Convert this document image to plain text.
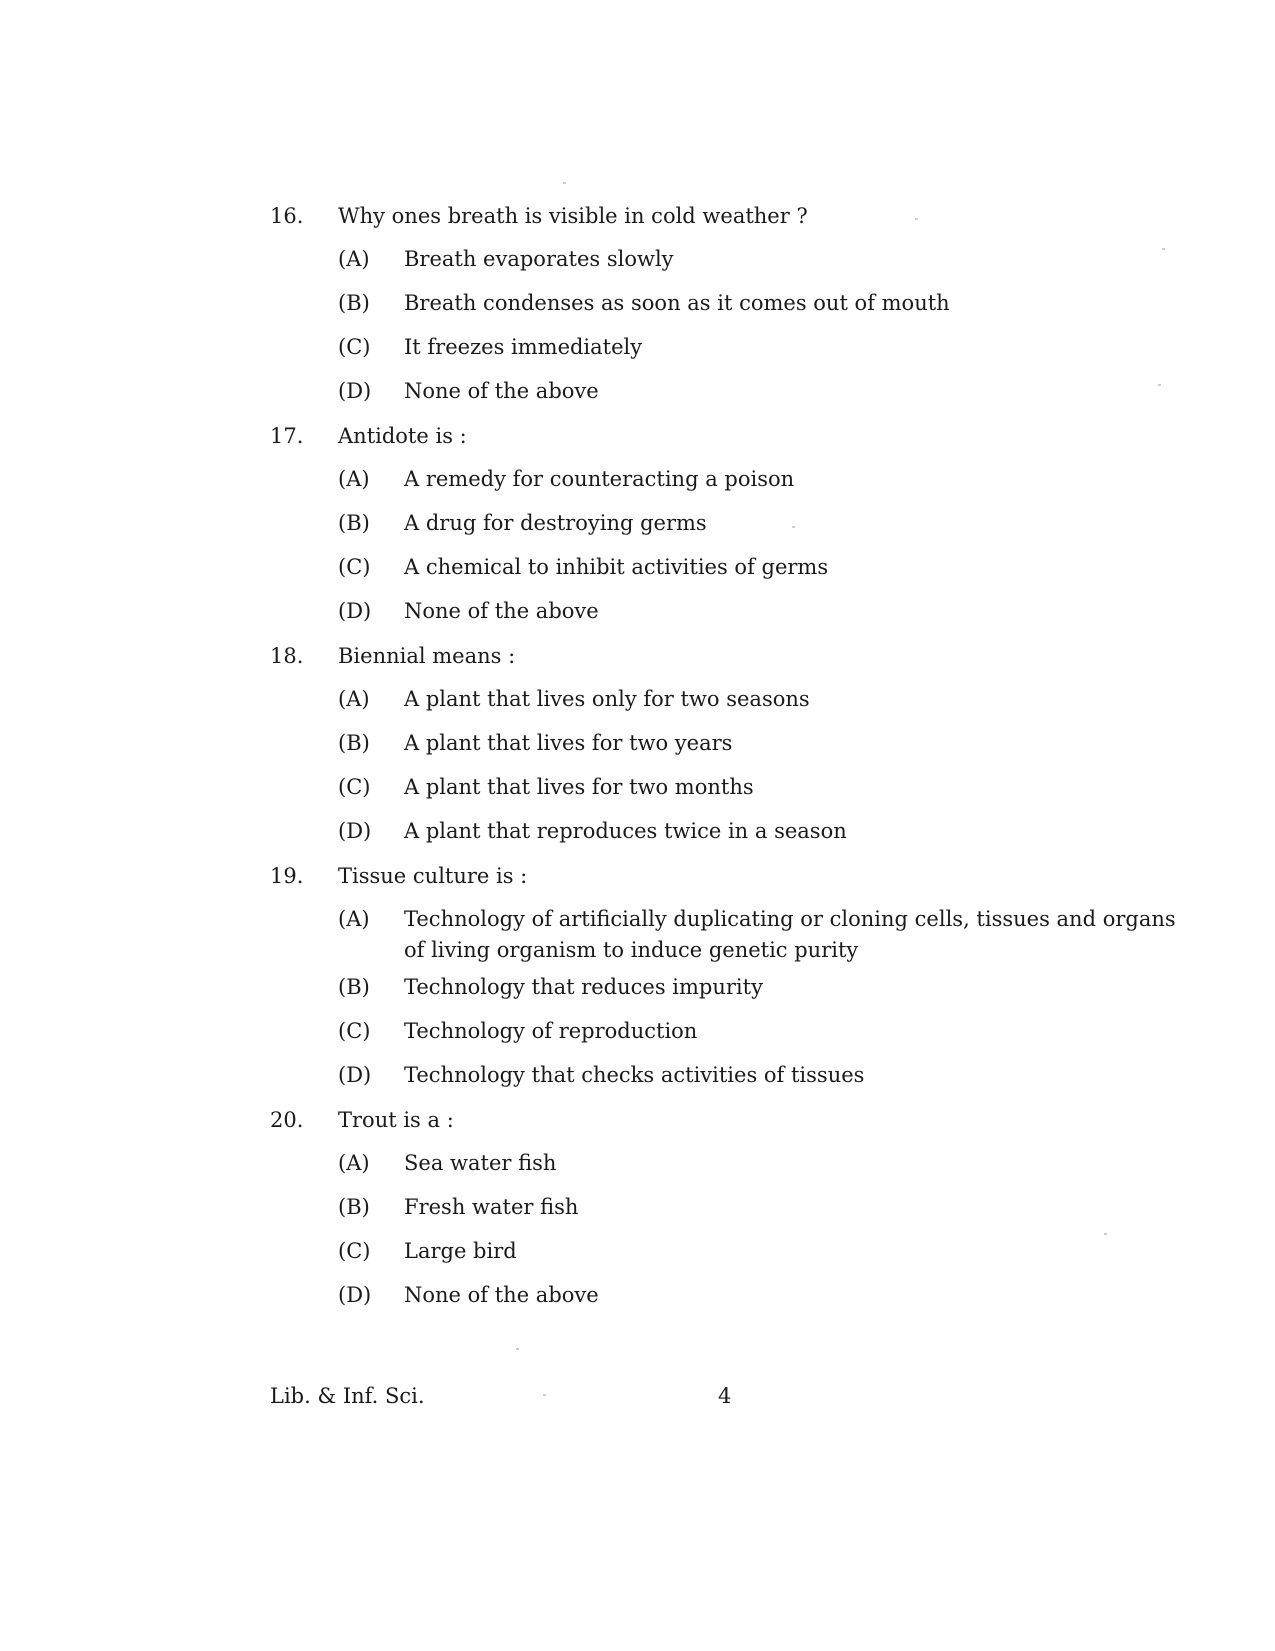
16.	Why ones breath is visible in cold weather ?
(A)	Breath evaporates slowly
(B)	Breath condenses as soon as it comes out of mouth
(C)	It freezes immediately
(D)	None of the above
17.	Antidote is :
(A)	A remedy for counteracting a poison
(B)	A drug for destroying germs
(C)	A chemical to inhibit activities of germs
(D)	None of the above
18.	Biennial means :
(A)	A plant that lives only for two seasons
(B)	A plant that lives for two years
(C)	A plant that lives for two months
(D)	A plant that reproduces twice in a season
19.	Tissue culture is :
(A)	Technology of artificially duplicating or cloning cells, tissues and organs of living organism to induce genetic purity
(B)	Technology that reduces impurity
(C)	Technology of reproduction
(D)	Technology that checks activities of tissues
20.	Trout is a :
(A)	Sea water fish
(B)	Fresh water fish
(C)	Large bird
(D)	None of the above
Lib. & Inf. Sci.	4
